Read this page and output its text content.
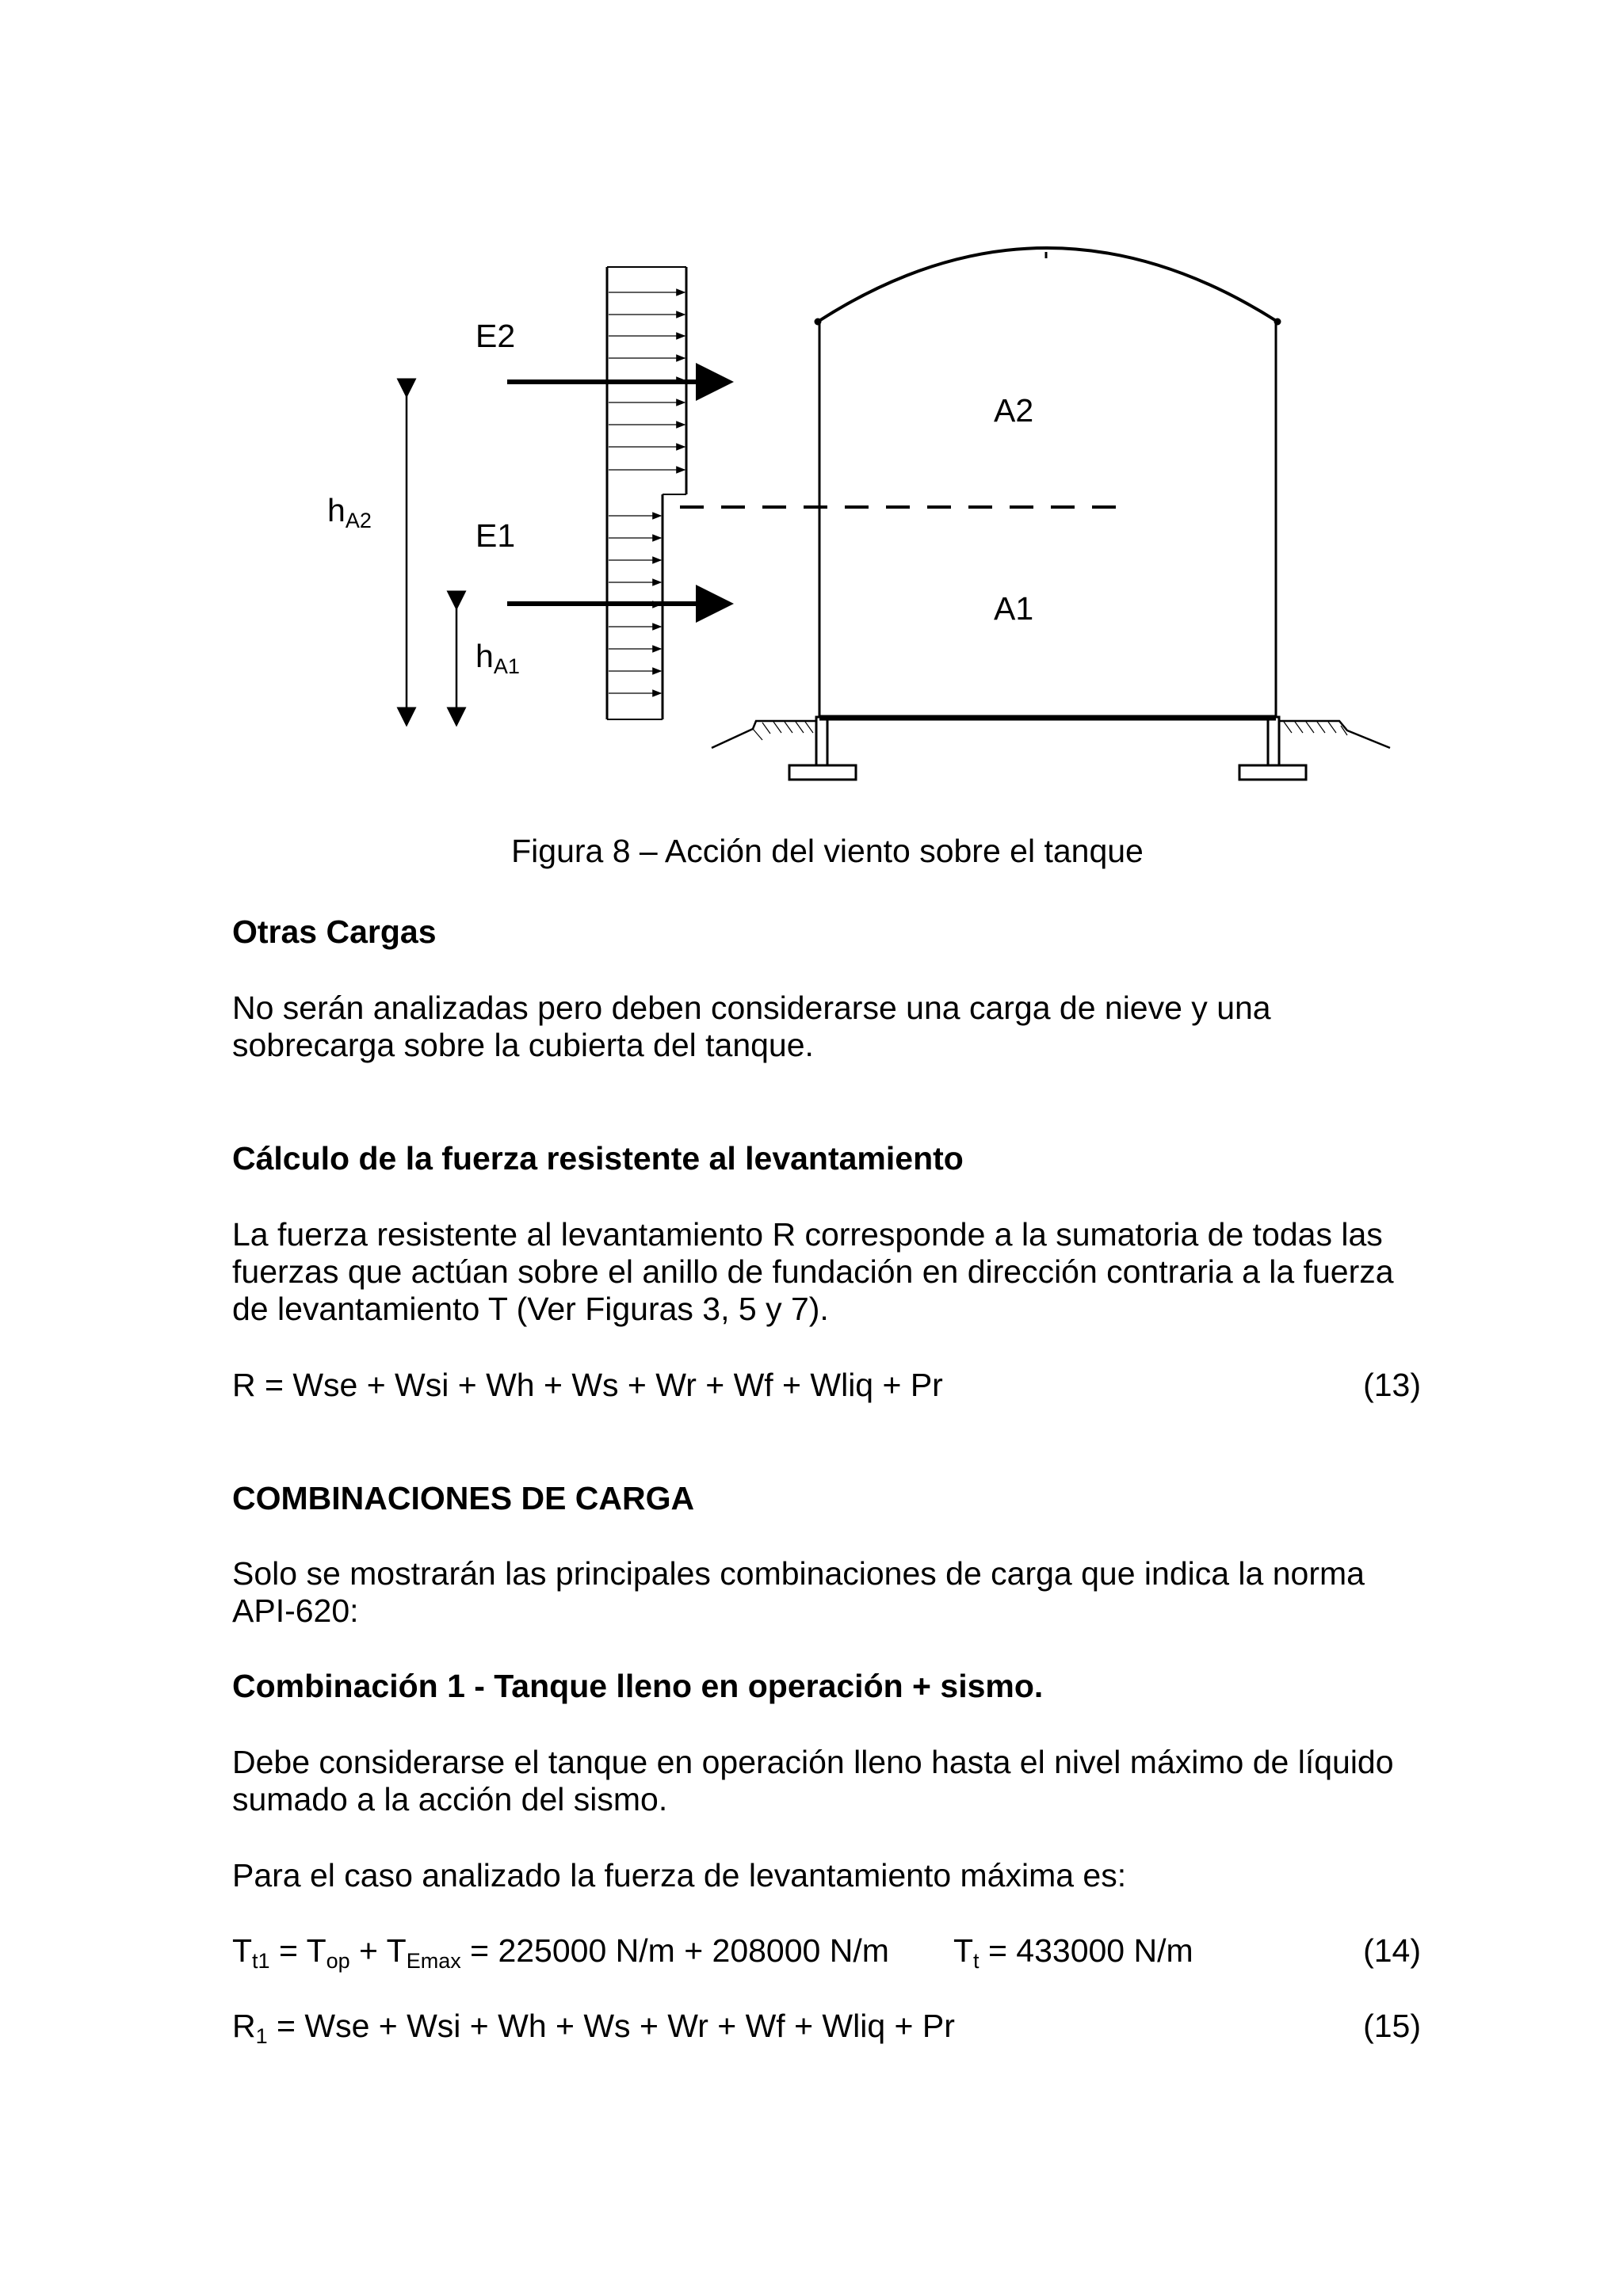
E2
E1
A2
A1
hA2
hA1
Figura 8 – Acción del viento sobre el tanque
Otras Cargas
No serán analizadas pero deben considerarse una carga de nieve y una
sobrecarga sobre la cubierta del tanque.
Cálculo de la fuerza resistente al levantamiento
La fuerza resistente al levantamiento R corresponde a la sumatoria de todas las
fuerzas que actúan sobre el anillo de fundación en dirección contraria a la fuerza
de levantamiento T (Ver Figuras 3, 5 y 7).
R = Wse + Wsi + Wh + Ws + Wr + Wf + Wliq + Pr	(13)
COMBINACIONES DE CARGA
Solo se mostrarán las principales combinaciones de carga que indica la norma
API-620:
Combinación 1 - Tanque lleno en operación + sismo.
Debe considerarse el tanque en operación lleno hasta el nivel máximo de líquido
sumado a la acción del sismo.
Para el caso analizado la fuerza de levantamiento máxima es:
$T_{t1} = T_{op} + T_{Emax} = 225000$ N/m + 208000 N/m $T_t = 433000$ N/m	(14)
$R_1$ = Wse + Wsi + Wh + Ws + Wr + Wf + Wliq + Pr	(15)
